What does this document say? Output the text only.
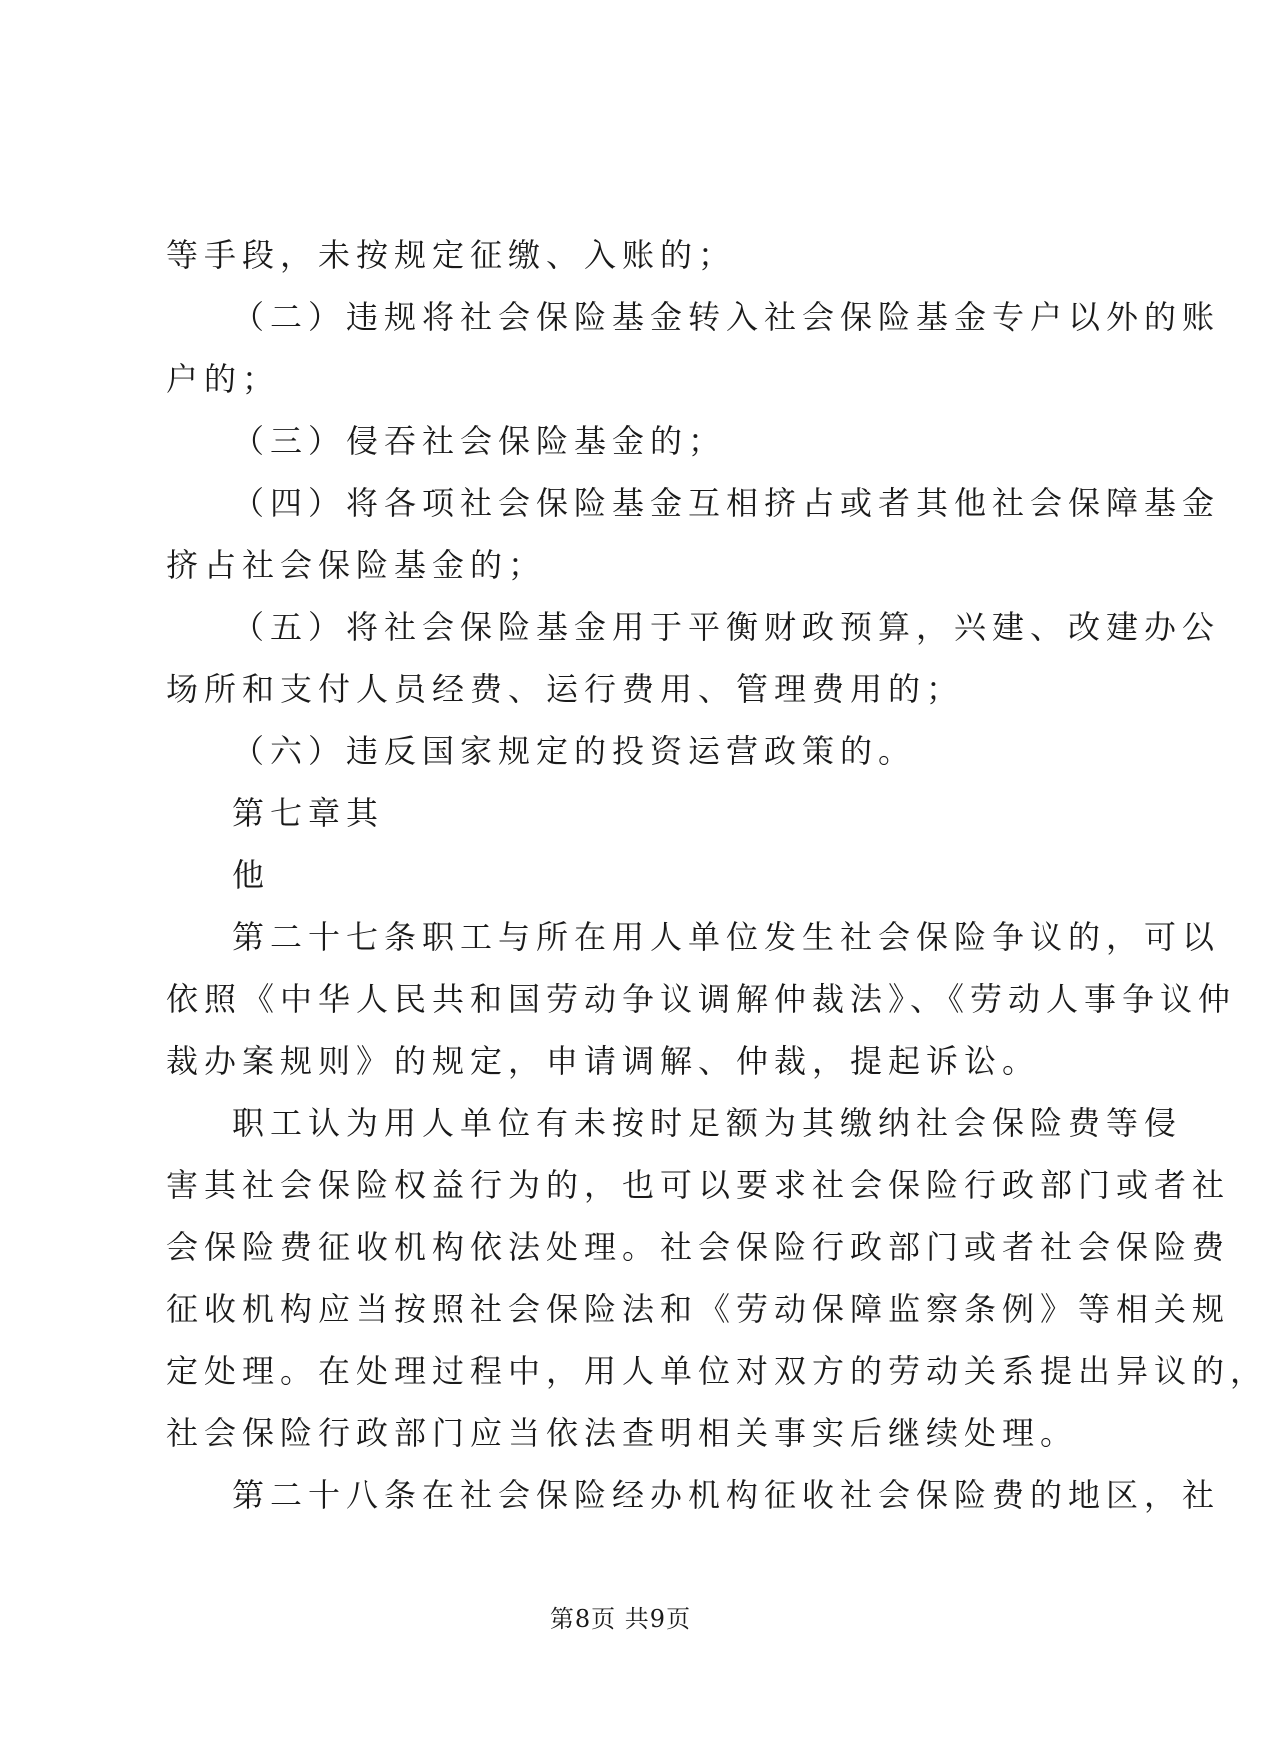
等手段，未按规定征缴、入账的；
（二）违规将社会保险基金转入社会保险基金专户以外的账
户的；
（三）侵吞社会保险基金的；
（四）将各项社会保险基金互相挤占或者其他社会保障基金
挤占社会保险基金的；
（五）将社会保险基金用于平衡财政预算，兴建、改建办公
场所和支付人员经费、运行费用、管理费用的；
（六）违反国家规定的投资运营政策的。
第七章其
他
第二十七条职工与所在用人单位发生社会保险争议的，可以
依照《中华人民共和国劳动争议调解仲裁法》、《劳动人事争议仲
裁办案规则》的规定，申请调解、仲裁，提起诉讼。
职工认为用人单位有未按时足额为其缴纳社会保险费等侵
害其社会保险权益行为的，也可以要求社会保险行政部门或者社
会保险费征收机构依法处理。社会保险行政部门或者社会保险费
征收机构应当按照社会保险法和《劳动保障监察条例》等相关规
定处理。在处理过程中，用人单位对双方的劳动关系提出异议的，
社会保险行政部门应当依法查明相关事实后继续处理。
第二十八条在社会保险经办机构征收社会保险费的地区，社
第8页 共9页
